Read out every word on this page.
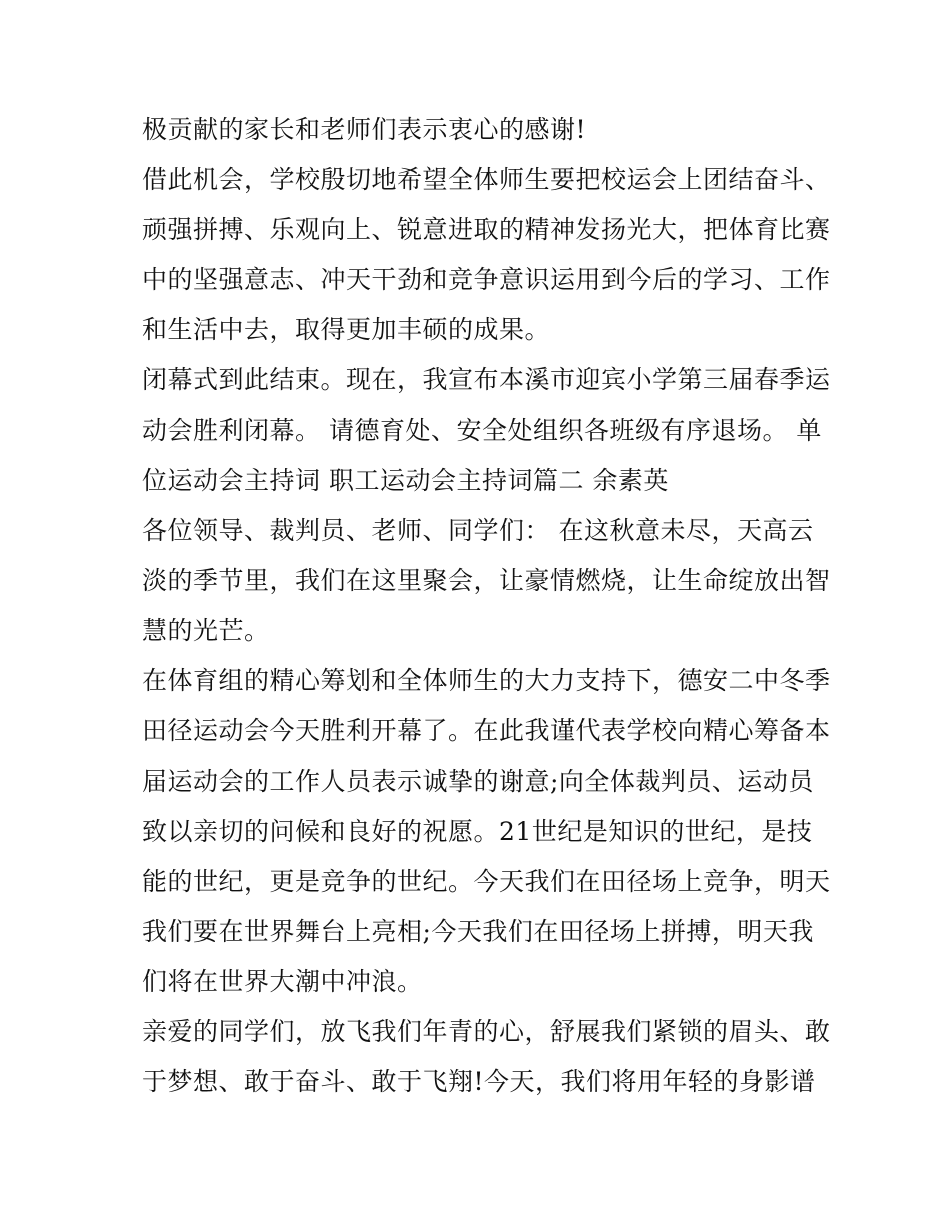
极贡献的家长和老师们表示衷心的感谢!
借此机会，学校殷切地希望全体师生要把校运会上团结奋斗、
顽强拼搏、乐观向上、锐意进取的精神发扬光大，把体育比赛
中的坚强意志、冲天干劲和竞争意识运用到今后的学习、工作
和生活中去，取得更加丰硕的成果。
闭幕式到此结束。现在，我宣布本溪市迎宾小学第三届春季运
动会胜利闭幕。 请德育处、安全处组织各班级有序退场。 单
位运动会主持词 职工运动会主持词篇二 余素英
各位领导、裁判员、老师、同学们： 在这秋意未尽，天高云
淡的季节里，我们在这里聚会，让豪情燃烧，让生命绽放出智
慧的光芒。
在体育组的精心筹划和全体师生的大力支持下，德安二中冬季
田径运动会今天胜利开幕了。在此我谨代表学校向精心筹备本
届运动会的工作人员表示诚挚的谢意;向全体裁判员、运动员
致以亲切的问候和良好的祝愿。21世纪是知识的世纪，是技
能的世纪，更是竞争的世纪。今天我们在田径场上竞争，明天
我们要在世界舞台上亮相;今天我们在田径场上拼搏，明天我
们将在世界大潮中冲浪。
亲爱的同学们，放飞我们年青的心，舒展我们紧锁的眉头、敢
于梦想、敢于奋斗、敢于飞翔!今天，我们将用年轻的身影谱
